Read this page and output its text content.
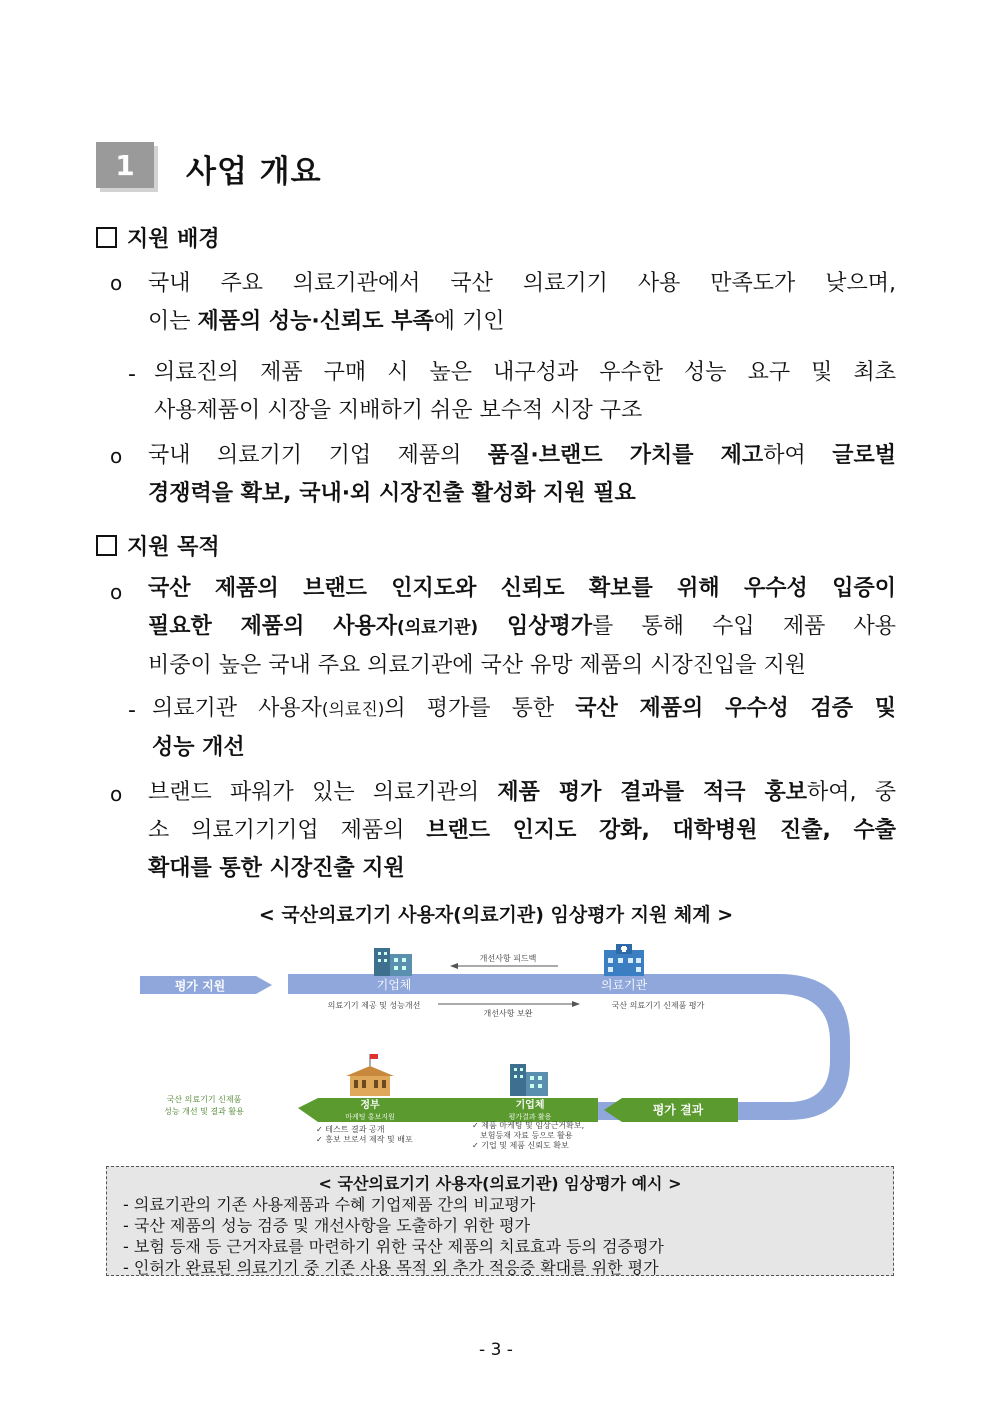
1	사업 개요
지원 배경
o 국내 주요 의료기관에서 국산 의료기기 사용 만족도가 낮으며,
이는 제품의 성능·신뢰도 부족에 기인
- 의료진의 제품 구매 시 높은 내구성과 우수한 성능 요구 및 최초
사용제품이 시장을 지배하기 쉬운 보수적 시장 구조
o 국내 의료기기 기업 제품의 품질·브랜드 가치를 제고하여 글로벌
경쟁력을 확보, 국내·외 시장진출 활성화 지원 필요
지원 목적
o 국산 제품의 브랜드 인지도와 신뢰도 확보를 위해 우수성 입증이
필요한 제품의 사용자(의료기관) 임상평가를 통해 수입 제품 사용
비중이 높은 국내 주요 의료기관에 국산 유망 제품의 시장진입을 지원
- 의료기관 사용자(의료진)의 평가를 통한 국산 제품의 우수성 검증 및
성능 개선
o 브랜드 파워가 있는 의료기관의 제품 평가 결과를 적극 홍보하여, 중
소 의료기기기업 제품의 브랜드 인지도 강화, 대학병원 진출, 수출
확대를 통한 시장진출 지원
< 국산의료기기 사용자(의료기관) 임상평가 지원 체계 >
평가 지원	기업체	의료기관
개선사항 피드백
개선사항 보완
의료기기 제공 및 성능개선	국산 의료기기 신제품 평가
평가 결과
정부
마케팅 홍보지원
기업체
평가결과 활용
국산 의료기기 신제품
성능 개선 및 결과 활용
✓ 테스트 결과 공개
✓ 홍보 브로셔 제작 및 배포
✓ 제품 마케팅 및 임상근거확보,
보험등재 자료 등으로 활용
✓ 기업 및 제품 신뢰도 확보
< 국산의료기기 사용자(의료기관) 임상평가 예시 >
- 의료기관의 기존 사용제품과 수혜 기업제품 간의 비교평가
- 국산 제품의 성능 검증 및 개선사항을 도출하기 위한 평가
- 보험 등재 등 근거자료를 마련하기 위한 국산 제품의 치료효과 등의 검증평가
- 인허가 완료된 의료기기 중 기존 사용 목적 외 추가 적응증 확대를 위한 평가
- 3 -
